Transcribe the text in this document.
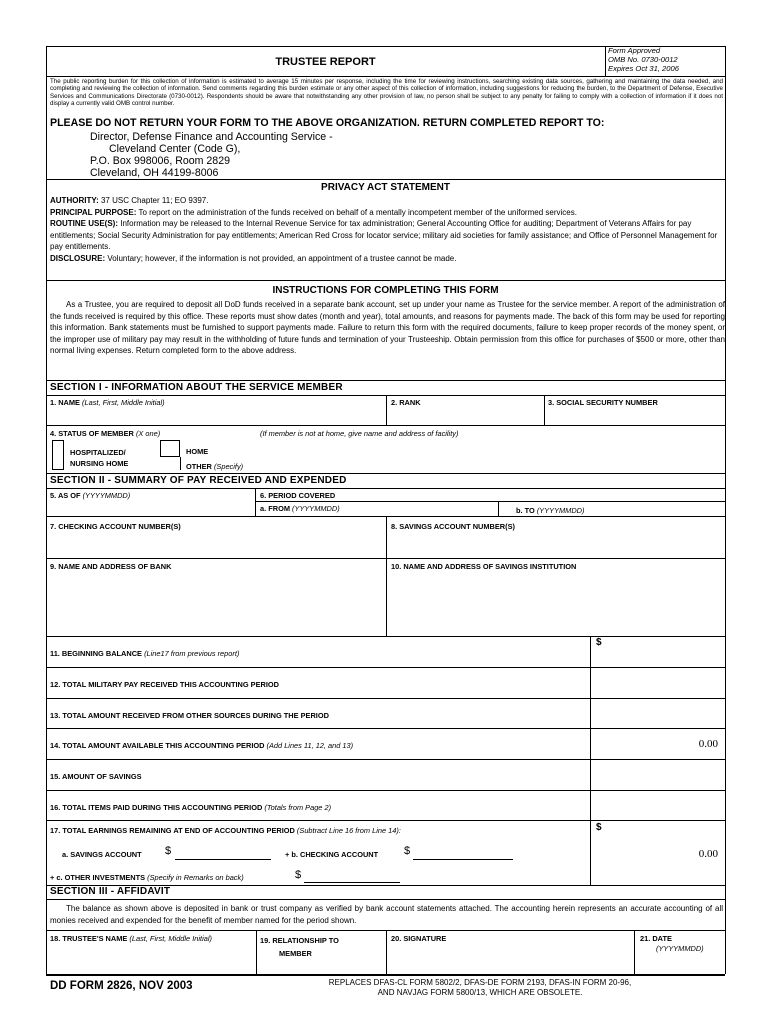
TRUSTEE REPORT
Form Approved
OMB No. 0730-0012
Expires Oct 31, 2006
The public reporting burden for this collection of information is estimated to average 15 minutes per response, including the time for reviewing instructions, searching existing data sources, gathering and maintaining the data needed, and completing and reviewing the collection of information. Send comments regarding this burden estimate or any other aspect of this collection of information, including suggestions for reducing the burden, to the Department of Defense, Executive Services and Communications Directorate (0730-0012). Respondents should be aware that notwithstanding any other provision of law, no person shall be subject to any penalty for failing to comply with a collection of information if it does not display a currently valid OMB control number.
PLEASE DO NOT RETURN YOUR FORM TO THE ABOVE ORGANIZATION. RETURN COMPLETED REPORT TO:
Director, Defense Finance and Accounting Service -
Cleveland Center (Code G),
P.O. Box 998006, Room 2829
Cleveland, OH 44199-8006
PRIVACY ACT STATEMENT
AUTHORITY: 37 USC Chapter 11; EO 9397.
PRINCIPAL PURPOSE: To report on the administration of the funds received on behalf of a mentally incompetent member of the uniformed services.
ROUTINE USE(S): Information may be released to the Internal Revenue Service for tax administration; General Accounting Office for auditing; Department of Veterans Affairs for pay entitlements; Social Security Administration for pay entitlements; American Red Cross for locator service; military aid societies for family assistance; and Office of Personnel Management for pay entitlements.
DISCLOSURE: Voluntary; however, if the information is not provided, an appointment of a trustee cannot be made.
INSTRUCTIONS FOR COMPLETING THIS FORM
As a Trustee, you are required to deposit all DoD funds received in a separate bank account, set up under your name as Trustee for the service member. A report of the administration of the funds received is required by this office. These reports must show dates (month and year), total amounts, and reasons for payments made. The back of this form may be used for reporting this information. Bank statements must be furnished to support payments made. Failure to return this form with the required documents, failure to keep proper records of the money spent, or the improper use of military pay may result in the withholding of future funds and termination of your Trusteeship. Obtain permission from this office for purchases of $500 or more, other than normal living expenses. Return completed form to the above address.
SECTION I - INFORMATION ABOUT THE SERVICE MEMBER
1. NAME (Last, First, Middle Initial)	2. RANK	3. SOCIAL SECURITY NUMBER
4. STATUS OF MEMBER (X one)	(If member is not at home, give name and address of facility)
HOSPITALIZED/
NURSING HOME
HOME
OTHER (Specify)
SECTION II - SUMMARY OF PAY RECEIVED AND EXPENDED
5. AS OF (YYYYMMDD)	6. PERIOD COVERED
a. FROM (YYYYMMDD)	b. TO (YYYYMMDD)
7. CHECKING ACCOUNT NUMBER(S)	8. SAVINGS ACCOUNT NUMBER(S)
9. NAME AND ADDRESS OF BANK	10. NAME AND ADDRESS OF SAVINGS INSTITUTION
$
11. BEGINNING BALANCE (Line17 from previous report)
12. TOTAL MILITARY PAY RECEIVED THIS ACCOUNTING PERIOD
13. TOTAL AMOUNT RECEIVED FROM OTHER SOURCES DURING THE PERIOD
14. TOTAL AMOUNT AVAILABLE THIS ACCOUNTING PERIOD (Add Lines 11, 12, and 13)	0.00
15. AMOUNT OF SAVINGS
16. TOTAL ITEMS PAID DURING THIS ACCOUNTING PERIOD (Totals from Page 2)
$
17. TOTAL EARNINGS REMAINING AT END OF ACCOUNTING PERIOD (Subtract Line 16 from Line 14):
0.00
a. SAVINGS ACCOUNT $	+ b. CHECKING ACCOUNT $
+ c. OTHER INVESTMENTS (Specify in Remarks on back)	$
SECTION III - AFFIDAVIT
The balance as shown above is deposited in bank or trust company as verified by bank account statements attached. The accounting herein represents an accurate accounting of all monies received and expended for the benefit of member named for the period shown.
18. TRUSTEE'S NAME (Last, First, Middle Initial)	19. RELATIONSHIP TO
MEMBER
20. SIGNATURE	21. DATE
(YYYYMMDD)
DD FORM 2826, NOV 2003	REPLACES DFAS-CL FORM 5802/2, DFAS-DE FORM 2193, DFAS-IN FORM 20-96,
AND NAVJAG FORM 5800/13, WHICH ARE OBSOLETE.
